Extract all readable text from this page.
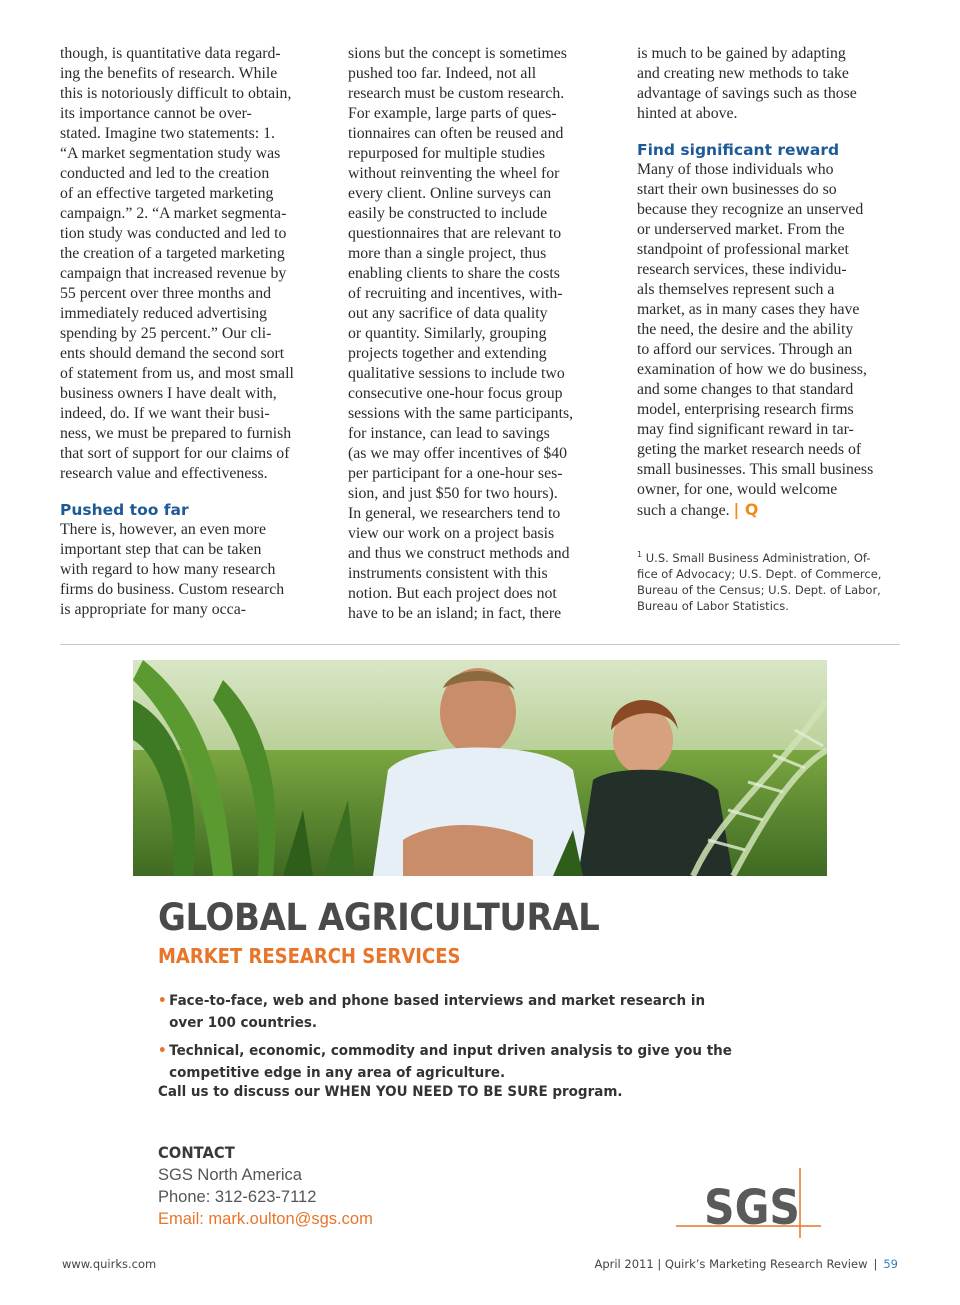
though, is quantitative data regard-
ing the benefits of research. While
this is notoriously difficult to obtain,
its importance cannot be over-
stated. Imagine two statements: 1.
“A market segmentation study was
conducted and led to the creation
of an effective targeted marketing
campaign.” 2. “A market segmenta-
tion study was conducted and led to
the creation of a targeted marketing
campaign that increased revenue by
55 percent over three months and
immediately reduced advertising
spending by 25 percent.” Our cli-
ents should demand the second sort
of statement from us, and most small
business owners I have dealt with,
indeed, do. If we want their busi-
ness, we must be prepared to furnish
that sort of support for our claims of
research value and effectiveness.

Pushed too far

There is, however, an even more
important step that can be taken
with regard to how many research
firms do business. Custom research
is appropriate for many occa-

sions but the concept is sometimes
pushed too far. Indeed, not all
research must be custom research.
For example, large parts of ques-
tionnaires can often be reused and
repurposed for multiple studies
without reinventing the wheel for
every client. Online surveys can
easily be constructed to include
questionnaires that are relevant to
more than a single project, thus
enabling clients to share the costs
of recruiting and incentives, with-
out any sacrifice of data quality
or quantity. Similarly, grouping
projects together and extending
qualitative sessions to include two
consecutive one-hour focus group
sessions with the same participants,
for instance, can lead to savings
(as we may offer incentives of $40
per participant for a one-hour ses-
sion, and just $50 for two hours).
In general, we researchers tend to
view our work on a project basis
and thus we construct methods and
instruments consistent with this
notion. But each project does not
have to be an island; in fact, there

is much to be gained by adapting
and creating new methods to take
advantage of savings such as those
hinted at above.

Find significant reward

Many of those individuals who
start their own businesses do so
because they recognize an unserved
or underserved market. From the
standpoint of professional market
research services, these individu-
als themselves represent such a
market, as in many cases they have
the need, the desire and the ability
to afford our services. Through an
examination of how we do business,
and some changes to that standard
model, enterprising research firms
may find significant reward in tar-
geting the market research needs of
small businesses. This small business
owner, for one, would welcome
such a change. | Q

$^1$ U.S. Small Business Administration, Of-
fice of Advocacy; U.S. Dept. of Commerce,
Bureau of the Census; U.S. Dept. of Labor,
Bureau of Labor Statistics.
GLOBAL AGRICULTURAL
MARKET RESEARCH SERVICES
• Face-to-face, web and phone based interviews and market research in over 100 countries.
• Technical, economic, commodity and input driven analysis to give you the competitive edge in any area of agriculture.
Call us to discuss our WHEN YOU NEED TO BE SURE program.
CONTACT
SGS North America
Phone: 312-623-7112
Email: mark.oulton@sgs.com	SGS
www.quirks.com	April 2011 | Quirk’s Marketing Research Review | 59
